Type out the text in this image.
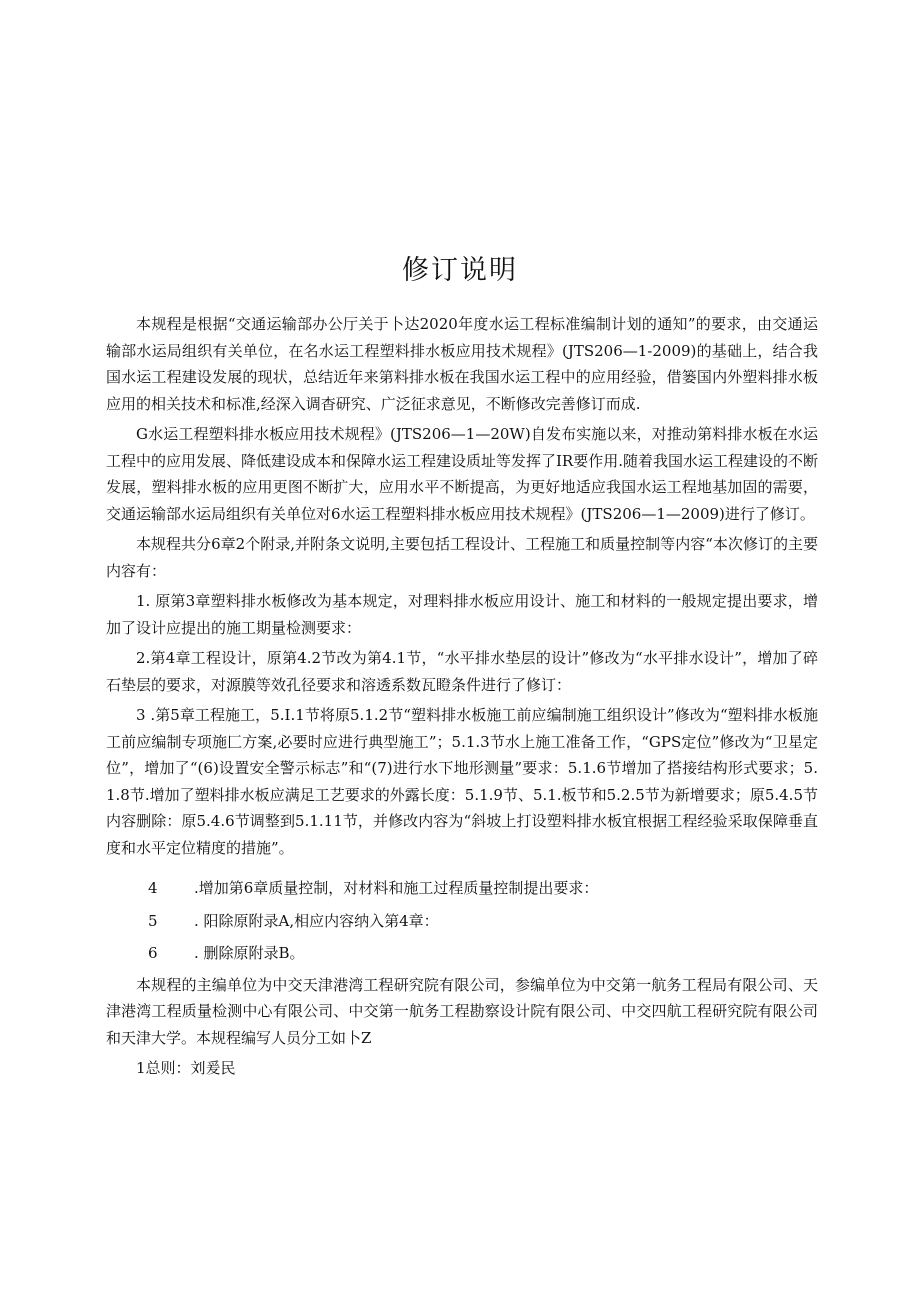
修订说明

本规程是根据“交通运输部办公厅关于卜达2020年度水运工程标准编制计划的通知”的要求，由交通运输部水运局组织有关单位，在名水运工程塑料排水板应用技术规程》(JTS206—1-2009)的基础上，结合我国水运工程建设发展的现状，总结近年来第料排水板在我国水运工程中的应用经验，借篓国内外塑料排水板应用的相关技术和标准,经深入调杳研究、广泛征求意见，不断修改完善修订而成.

G水运工程塑料排水板应用技术规程》(JTS206—1—20W)自发布实施以来，对推动第料排水板在水运工程中的应用发展、降低建设成本和保障水运工程建设质址等发挥了IR要作用.随着我国水运工程建设的不断发展，塑料排水板的应用更图不断扩大，应用水平不断提高，为更好地适应我国水运工程地基加固的需要，交通运输部水运局组织有关单位对6水运工程塑料排水板应用技术规程》(JTS206—1—2009)进行了修订。

本规程共分6章2个附录,并附条文说明,主要包括工程设计、工程施工和质量控制等内容“本次修订的主要内容有：

1. 原第3章塑料排水板修改为基本规定，对理料排水板应用设计、施工和材料的一般规定提出要求，增加了设计应提出的施工期量检测要求：

2.第4章工程设计，原第4.2节改为第4.1节，“水平排水垫层的设计”修改为“水平排水设计”，增加了碎石垫层的要求，对源膜等效孔径要求和溶透系数瓦瞪条件进行了修订：

3 .第5章工程施工，5.I.1节将原5.1.2节“塑料排水板施工前应编制施工组织设计”修改为“塑料排水板施工前应编制专项施匚方案,必要时应进行典型施工”；5.1.3节水上施工准备工作，“GPS定位”修改为“卫星定位”，增加了“(6)设置安全警示标志”和“(7)进行水下地形测量”要求：5.1.6节增加了搭接结构形式要求；5.1.8节.增加了塑料排水板应满足工艺要求的外露长度：5.1.9节、5.1.板节和5.2.5节为新增要求；原5.4.5节内容删除：原5.4.6节调整到5.1.11节，并修改内容为“斜坡上打设塑料排水板宜根据工程经验采取保障垂直度和水平定位精度的措施”。

4 .增加第6章质量控制，对材料和施工过程质量控制提出要求：
5 . 阳除原附录A,相应内容纳入第4章：
6 . 删除原附录B。

本规程的主编单位为中交天津港湾工程研究院有限公司，参编单位为中交第一航务工程局有限公司、天津港湾工程质量检测中心有限公司、中交第一航务工程勘察设计院有限公司、中交四航工程研究院有限公司和天津大学。本规程编写人员分工如卜Z

1总则：刘爰民
